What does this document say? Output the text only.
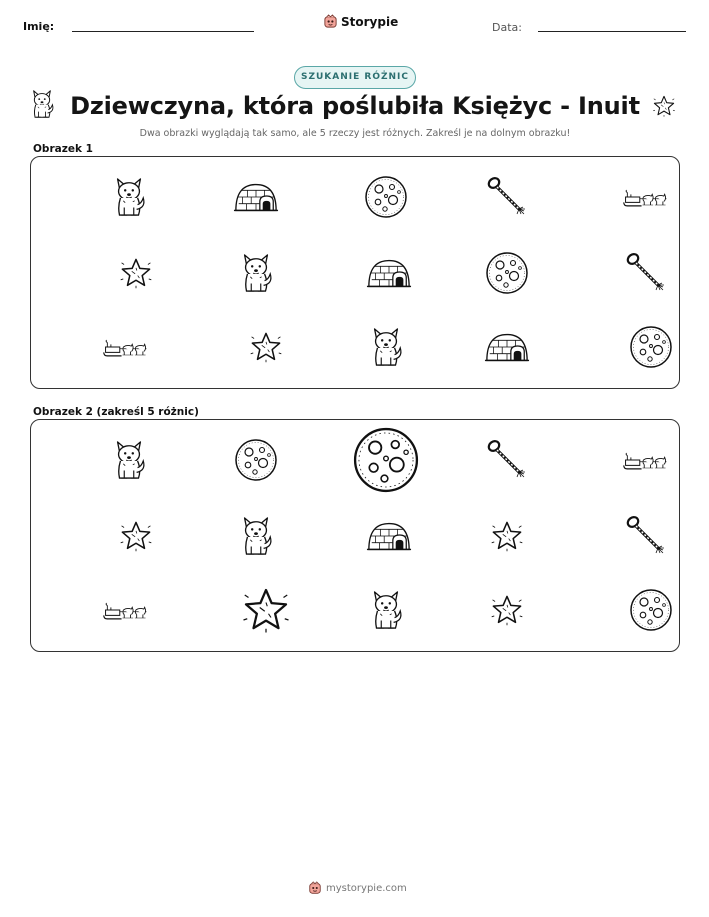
Imię:	Storypie	Data:
SZUKANIE RÓŻNIC
Dziewczyna, która poślubiła Księżyc - Inuit
Dwa obrazki wyglądają tak samo, ale 5 rzeczy jest różnych. Zakreśl je na dolnym obrazku!
Obrazek 1
Obrazek 2 (zakreśl 5 różnic)
mystorypie.com
